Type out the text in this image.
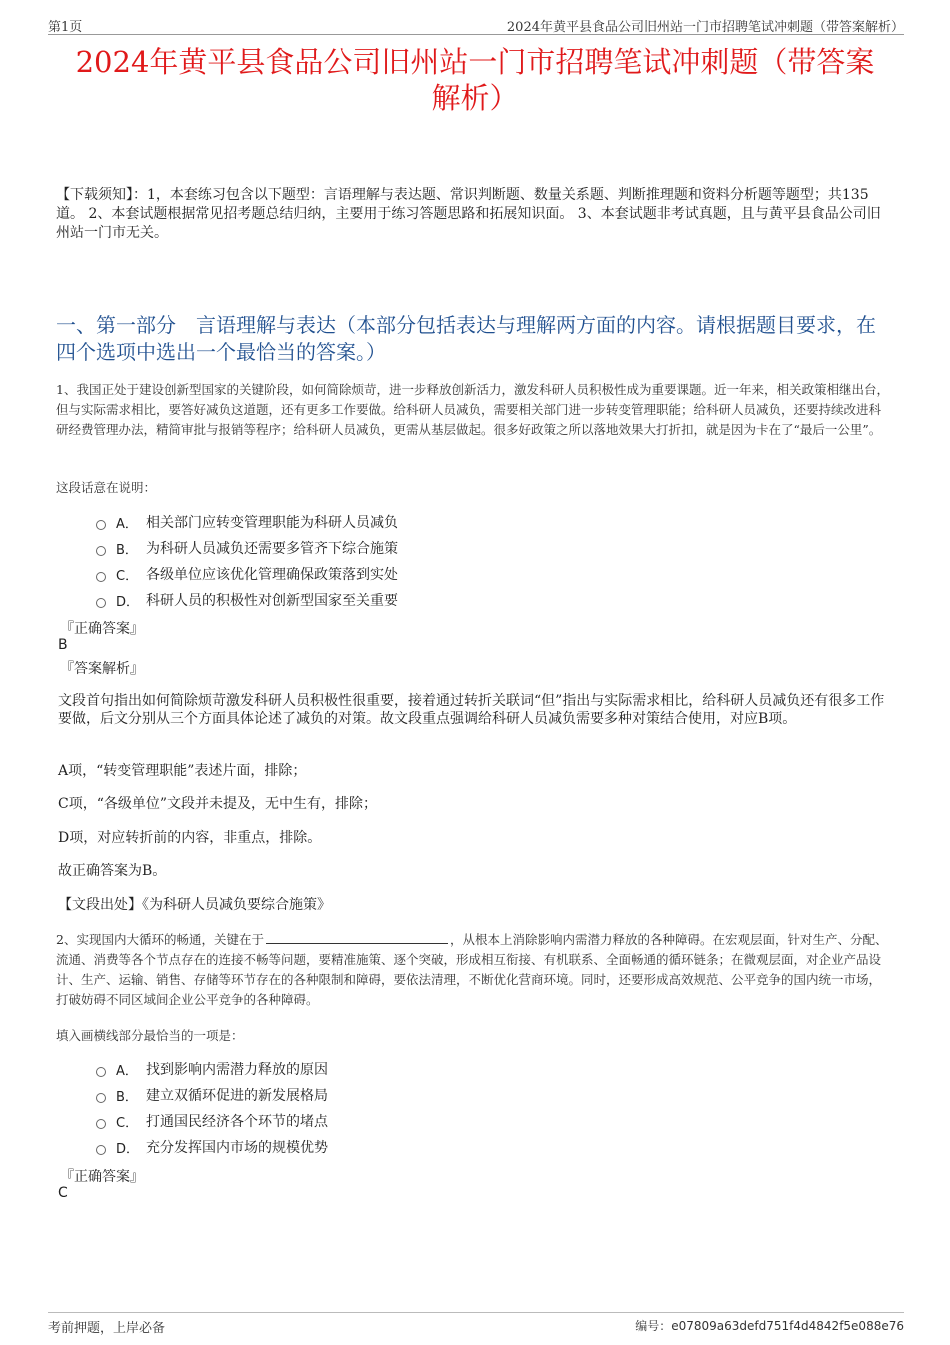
第1页	2024年黄平县食品公司旧州站一门市招聘笔试冲刺题（带答案解析）
2024年黄平县食品公司旧州站一门市招聘笔试冲刺题（带答案
解析）
【下载须知】：1，本套练习包含以下题型：言语理解与表达题、常识判断题、数量关系题、判断推理题和资料分析题等题型；共135道。 2、本套试题根据常见招考题总结归纳，主要用于练习答题思路和拓展知识面。 3、本套试题非考试真题，且与黄平县食品公司旧州站一门市无关。
一、第一部分　言语理解与表达（本部分包括表达与理解两方面的内容。请根据题目要求，在四个选项中选出一个最恰当的答案。）
1、我国正处于建设创新型国家的关键阶段，如何简除烦苛，进一步释放创新活力，激发科研人员积极性成为重要课题。近一年来，相关政策相继出台，但与实际需求相比，要答好减负这道题，还有更多工作要做。给科研人员减负，需要相关部门进一步转变管理职能；给科研人员减负，还要持续改进科研经费管理办法，精简审批与报销等程序；给科研人员减负，更需从基层做起。很多好政策之所以落地效果大打折扣，就是因为卡在了“最后一公里”。
这段话意在说明：
A． 相关部门应转变管理职能为科研人员减负
B． 为科研人员减负还需要多管齐下综合施策
C． 各级单位应该优化管理确保政策落到实处
D． 科研人员的积极性对创新型国家至关重要
『正确答案』
B
『答案解析』
文段首句指出如何简除烦苛激发科研人员积极性很重要，接着通过转折关联词“但”指出与实际需求相比，给科研人员减负还有很多工作要做，后文分别从三个方面具体论述了减负的对策。故文段重点强调给科研人员减负需要多种对策结合使用，对应B项。
A项，“转变管理职能”表述片面，排除；
C项，“各级单位”文段并未提及，无中生有，排除；
D项，对应转折前的内容，非重点，排除。
故正确答案为B。
【文段出处】《为科研人员减负要综合施策》
2、实现国内大循环的畅通，关键在于	，从根本上消除影响内需潜力释放的各种障碍。在宏观层面，针对生产、分配、流通、消费等各个节点存在的连接不畅等问题，要精准施策、逐个突破，形成相互衔接、有机联系、全面畅通的循环链条；在微观层面，对企业产品设计、生产、运输、销售、存储等环节存在的各种限制和障碍，要依法清理，不断优化营商环境。同时，还要形成高效规范、公平竞争的国内统一市场，打破妨碍不同区域间企业公平竞争的各种障碍。
填入画横线部分最恰当的一项是：
A． 找到影响内需潜力释放的原因
B． 建立双循环促进的新发展格局
C． 打通国民经济各个环节的堵点
D． 充分发挥国内市场的规模优势
『正确答案』
C
考前押题，上岸必备	编号：e07809a63defd751f4d4842f5e088e76
